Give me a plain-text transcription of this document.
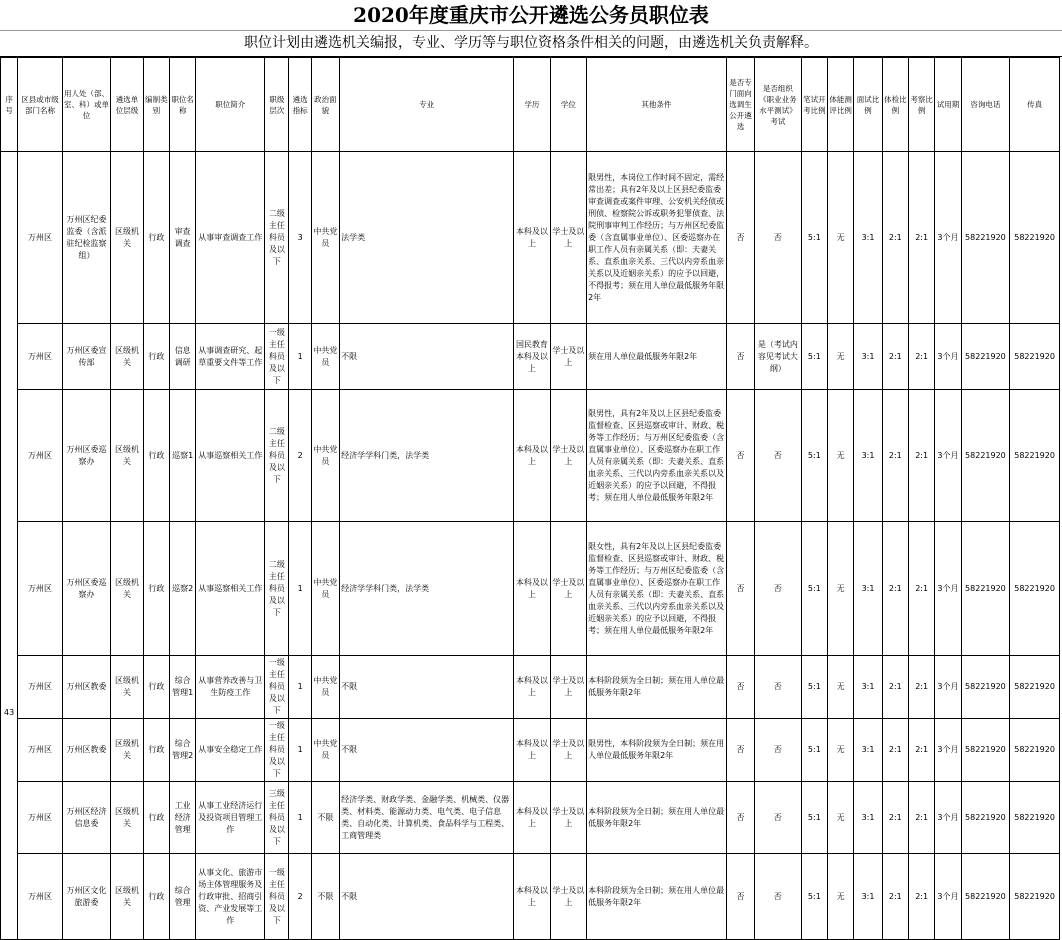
2020年度重庆市公开遴选公务员职位表
职位计划由遴选机关编报，专业、学历等与职位资格条件相关的问题，由遴选机关负责解释。
序号	区县或市级部门名称	用人处（部、室、科）或单位	遴选单位层级	编制类别	职位名称	职位简介	职级层次	遴选指标	政治面貌	专业	学历	学位	其他条件	是否专门面向选调生公开遴选	是否组织《职业业务水平测试》考试	笔试开考比例	体能测评比例	面试比例	体检比例	考察比例	试用期	咨询电话	传真
43	万州区	万州区纪委监委（含派驻纪检监察组）	区级机关	行政	审查调查	从事审查调查工作	二级主任科员及以下	3	中共党员	法学类	本科及以上	学士及以上	限男性，本岗位工作时间不固定，需经常出差；具有2年及以上区县纪委监委审查调查或案件审理、公安机关经侦或刑侦、检察院公诉或职务犯罪侦查、法院刑事审判工作经历；与万州区纪委监委（含直属事业单位）、区委巡察办在职工作人员有亲属关系（即：夫妻关系、直系血亲关系、三代以内旁系血亲关系以及近姻亲关系）的应予以回避，不得报考；须在用人单位最低服务年限2年	否	否	5:1	无	3:1	2:1	2:1	3个月	58221920	58221920
	万州区	万州区委宣传部	区级机关	行政	信息调研	从事调查研究、起草重要文件等工作	一级主任科员及以下	1	中共党员	不限	国民教育本科及以上	学士及以上	须在用人单位最低服务年限2年	否	是（考试内容见考试大纲）	5:1	无	3:1	2:1	2:1	3个月	58221920	58221920
	万州区	万州区委巡察办	区级机关	行政	巡察1	从事巡察相关工作	二级主任科员及以下	2	中共党员	经济学学科门类，法学类	本科及以上	学士及以上	限男性，具有2年及以上区县纪委监委监督检查、区县巡察或审计、财政、税务等工作经历；与万州区纪委监委（含直属事业单位）、区委巡察办在职工作人员有亲属关系（即：夫妻关系、直系血亲关系、三代以内旁系血亲关系以及近姻亲关系）的应予以回避，不得报考；须在用人单位最低服务年限2年	否	否	5:1	无	3:1	2:1	2:1	3个月	58221920	58221920
	万州区	万州区委巡察办	区级机关	行政	巡察2	从事巡察相关工作	二级主任科员及以下	1	中共党员	经济学学科门类，法学类	本科及以上	学士及以上	限女性，具有2年及以上区县纪委监委监督检查、区县巡察或审计、财政、税务等工作经历；与万州区纪委监委（含直属事业单位）、区委巡察办在职工作人员有亲属关系（即：夫妻关系、直系血亲关系、三代以内旁系血亲关系以及近姻亲关系）的应予以回避，不得报考；须在用人单位最低服务年限2年	否	否	5:1	无	3:1	2:1	2:1	3个月	58221920	58221920
	万州区	万州区教委	区级机关	行政	综合管理1	从事营养改善与卫生防疫工作	一级主任科员及以下	1	中共党员	不限	本科及以上	学士及以上	本科阶段须为全日制；须在用人单位最低服务年限2年	否	否	5:1	无	3:1	2:1	2:1	3个月	58221920	58221920
	万州区	万州区教委	区级机关	行政	综合管理2	从事安全稳定工作	一级主任科员及以下	1	中共党员	不限	本科及以上	学士及以上	限男性，本科阶段须为全日制；须在用人单位最低服务年限2年	否	否	5:1	无	3:1	2:1	2:1	3个月	58221920	58221920
	万州区	万州区经济信息委	区级机关	行政	工业经济管理	从事工业经济运行及投资项目管理工作	三级主任科员及以下	1	不限	经济学类、财政学类、金融学类、机械类、仪器类、材料类、能源动力类、电气类、电子信息类、自动化类、计算机类、食品科学与工程类、工商管理类	本科及以上	学士及以上	本科阶段须为全日制；须在用人单位最低服务年限2年	否	否	5:1	无	3:1	2:1	2:1	3个月	58221920	58221920
	万州区	万州区文化旅游委	区级机关	行政	综合管理	从事文化、旅游市场主体管理服务及行政审批、招商引资、产业发展等工作	一级主任科员及以下	2	不限	不限	本科及以上	学士及以上	本科阶段须为全日制；须在用人单位最低服务年限2年	否	否	5:1	无	3:1	2:1	2:1	3个月	58221920	58221920
